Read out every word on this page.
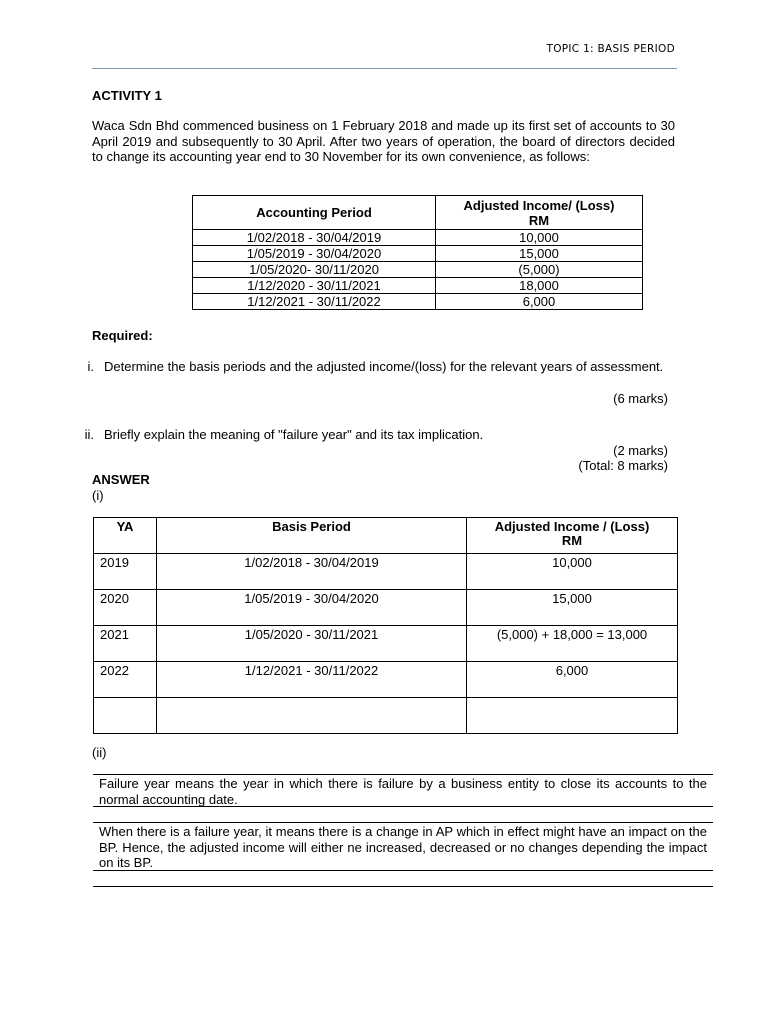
TOPIC 1: BASIS PERIOD
ACTIVITY 1
Waca Sdn Bhd commenced business on 1 February 2018 and made up its first set of accounts to 30 April 2019 and subsequently to 30 April. After two years of operation, the board of directors decided to change its accounting year end to 30 November for its own convenience, as follows:
Accounting Period	Adjusted Income/ (Loss)
RM
1/02/2018 - 30/04/2019	10,000
1/05/2019 - 30/04/2020	15,000
1/05/2020- 30/11/2020	(5,000)
1/12/2020 - 30/11/2021	18,000
1/12/2021 - 30/11/2022	6,000
Required:
i. Determine the basis periods and the adjusted income/(loss) for the relevant years of assessment.
(6 marks)
ii. Briefly explain the meaning of "failure year" and its tax implication.
(2 marks)
(Total: 8 marks)
ANSWER
(i)
YA	Basis Period	Adjusted Income / (Loss)
RM
2019	1/02/2018 - 30/04/2019	10,000
2020	1/05/2019 - 30/04/2020	15,000
2021	1/05/2020 - 30/11/2021	(5,000) + 18,000 = 13,000
2022	1/12/2021 - 30/11/2022	6,000

(ii)
Failure year means the year in which there is failure by a business entity to close its accounts to the normal accounting date.
When there is a failure year, it means there is a change in AP which in effect might have an impact on the BP. Hence, the adjusted income will either ne increased, decreased or no changes depending the impact on its BP.
